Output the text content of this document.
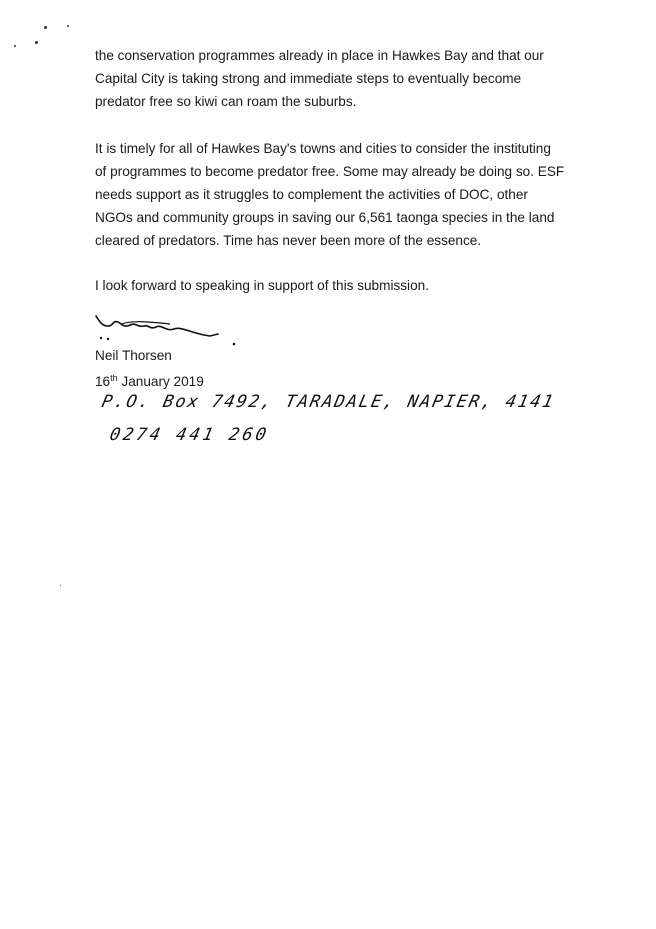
the conservation programmes already in place in Hawkes Bay and that our Capital City is taking strong and immediate steps to eventually become predator free so kiwi can roam the suburbs.

It is timely for all of Hawkes Bay's towns and cities to consider the instituting of programmes to become predator free. Some may already be doing so. ESF needs support as it struggles to complement the activities of DOC, other NGOs and community groups in saving our 6,561 taonga species in the land cleared of predators. Time has never been more of the essence.

I look forward to speaking in support of this submission.

Neil Thorsen
16th January 2019
P.O. Box 7492, TARADALE, NAPIER, 4141
0274 441 260
